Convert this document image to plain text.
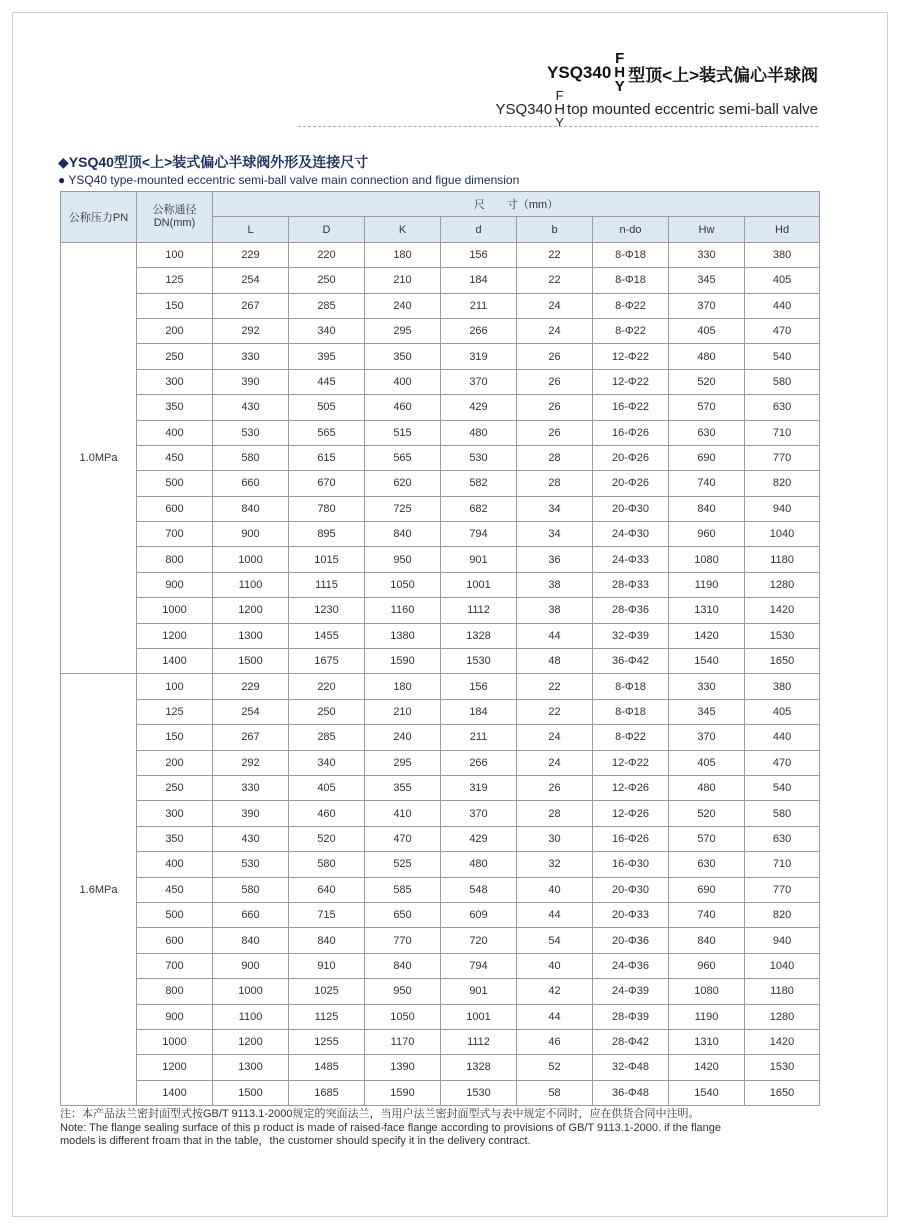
YSQ340
F
H
Y
型顶<上>装式偏心半球阀
YSQ340
F
H
Y
top mounted eccentric semi-ball valve
◆YSQ40型顶<上>装式偏心半球阀外形及连接尺寸
● YSQ40 type-mounted eccentric semi-ball valve main connection and figue dimension
公称压力PN	公称通径
DN(mm)	尺　　寸（mm）							
		L	D	K	d	b	n-do	Hw	Hd
1.0MPa	100	229	220	180	156	22	8-Φ18	330	380
	125	254	250	210	184	22	8-Φ18	345	405
	150	267	285	240	211	24	8-Φ22	370	440
	200	292	340	295	266	24	8-Φ22	405	470
	250	330	395	350	319	26	12-Φ22	480	540
	300	390	445	400	370	26	12-Φ22	520	580
	350	430	505	460	429	26	16-Φ22	570	630
	400	530	565	515	480	26	16-Φ26	630	710
	450	580	615	565	530	28	20-Φ26	690	770
	500	660	670	620	582	28	20-Φ26	740	820
	600	840	780	725	682	34	20-Φ30	840	940
	700	900	895	840	794	34	24-Φ30	960	1040
	800	1000	1015	950	901	36	24-Φ33	1080	1180
	900	1100	1115	1050	1001	38	28-Φ33	1190	1280
	1000	1200	1230	1160	1112	38	28-Φ36	1310	1420
	1200	1300	1455	1380	1328	44	32-Φ39	1420	1530
	1400	1500	1675	1590	1530	48	36-Φ42	1540	1650
1.6MPa	100	229	220	180	156	22	8-Φ18	330	380
	125	254	250	210	184	22	8-Φ18	345	405
	150	267	285	240	211	24	8-Φ22	370	440
	200	292	340	295	266	24	12-Φ22	405	470
	250	330	405	355	319	26	12-Φ26	480	540
	300	390	460	410	370	28	12-Φ26	520	580
	350	430	520	470	429	30	16-Φ26	570	630
	400	530	580	525	480	32	16-Φ30	630	710
	450	580	640	585	548	40	20-Φ30	690	770
	500	660	715	650	609	44	20-Φ33	740	820
	600	840	840	770	720	54	20-Φ36	840	940
	700	900	910	840	794	40	24-Φ36	960	1040
	800	1000	1025	950	901	42	24-Φ39	1080	1180
	900	1100	1125	1050	1001	44	28-Φ39	1190	1280
	1000	1200	1255	1170	1112	46	28-Φ42	1310	1420
	1200	1300	1485	1390	1328	52	32-Φ48	1420	1530
	1400	1500	1685	1590	1530	58	36-Φ48	1540	1650
注：本产品法兰密封面型式按GB/T 9113.1-2000规定的突面法兰，当用户法兰密封面型式与表中规定不同时，应在供货合同中注明。
Note: The flange sealing surface of this p roduct is made of raised-face flange according to provisions of GB/T 9113.1-2000. if the flange
models is different froam that in the table，the customer should specify it in the delivery contract.
